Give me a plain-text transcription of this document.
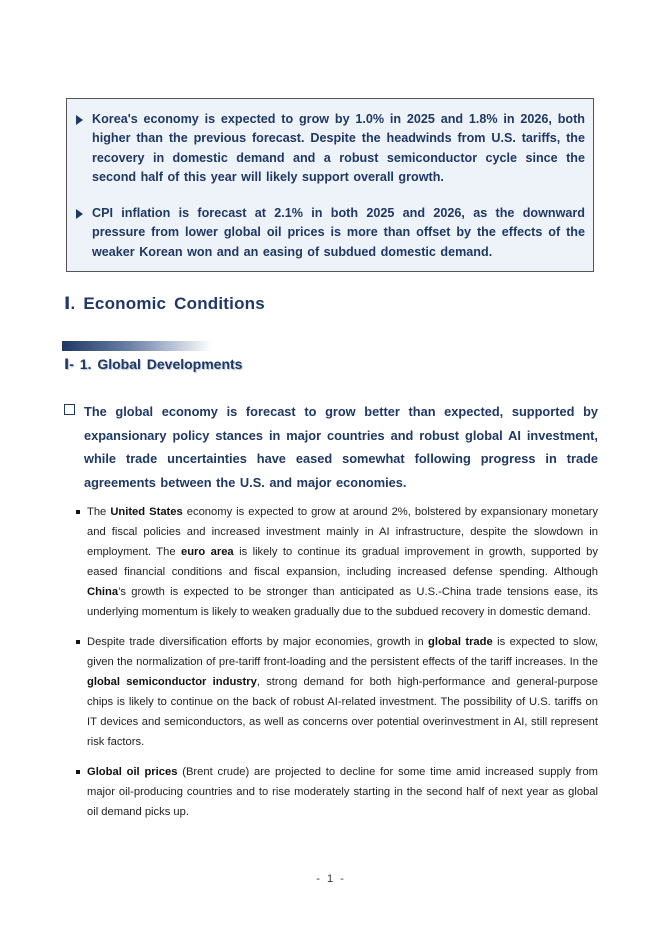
Korea's economy is expected to grow by 1.0% in 2025 and 1.8% in 2026, both higher than the previous forecast. Despite the headwinds from U.S. tariffs, the recovery in domestic demand and a robust semiconductor cycle since the second half of this year will likely support overall growth.

CPI inflation is forecast at 2.1% in both 2025 and 2026, as the downward pressure from lower global oil prices is more than offset by the effects of the weaker Korean won and an easing of subdued domestic demand.

Ⅰ. Economic Conditions
Ⅰ- 1. Global Developments

The global economy is forecast to grow better than expected, supported by expansionary policy stances in major countries and robust global AI investment, while trade uncertainties have eased somewhat following progress in trade agreements between the U.S. and major economies.

The United States economy is expected to grow at around 2%, bolstered by expansionary monetary and fiscal policies and increased investment mainly in AI infrastructure, despite the slowdown in employment. The euro area is likely to continue its gradual improvement in growth, supported by eased financial conditions and fiscal expansion, including increased defense spending. Although China’s growth is expected to be stronger than anticipated as U.S.-China trade tensions ease, its underlying momentum is likely to weaken gradually due to the subdued recovery in domestic demand.

Despite trade diversification efforts by major economies, growth in global trade is expected to slow, given the normalization of pre-tariff front-loading and the persistent effects of the tariff increases. In the global semiconductor industry, strong demand for both high-performance and general-purpose chips is likely to continue on the back of robust AI-related investment. The possibility of U.S. tariffs on IT devices and semiconductors, as well as concerns over potential overinvestment in AI, still represent risk factors.

Global oil prices (Brent crude) are projected to decline for some time amid increased supply from major oil-producing countries and to rise moderately starting in the second half of next year as global oil demand picks up.

- 1 -
